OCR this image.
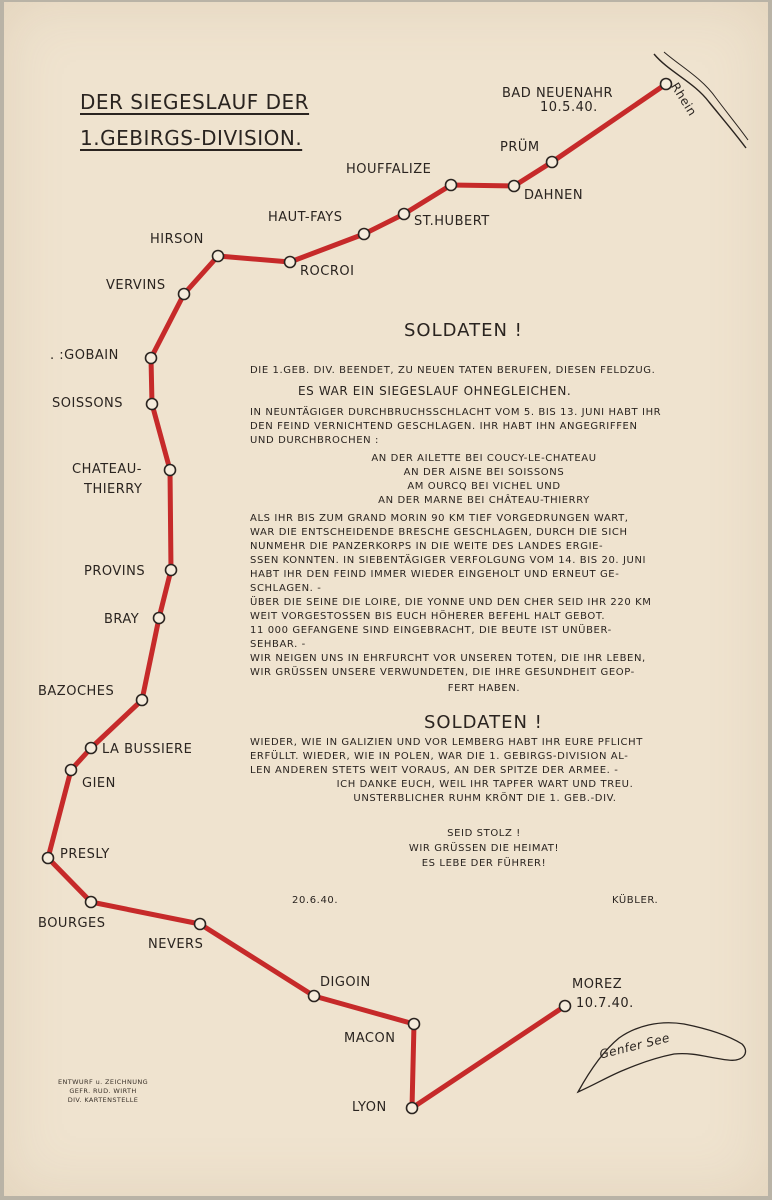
DER SIEGESLAUF DER
1.GEBIRGS-DIVISION.
Rhein
Genfer See
BAD NEUENAHR
10.5.40.
PRÜM
DAHNEN
HOUFFALIZE
ST.HUBERT
HAUT-FAYS
ROCROI
HIRSON
VERVINS
. :GOBAIN
SOISSONS
CHATEAU-
THIERRY
PROVINS
BRAY
BAZOCHES
LA BUSSIERE
GIEN
PRESLY
BOURGES
NEVERS
DIGOIN
MACON
LYON
MOREZ
10.7.40.
SOLDATEN !
DIE 1.GEB. DIV. BEENDET, ZU NEUEN TATEN BERUFEN, DIESEN FELDZUG.
ES WAR EIN SIEGESLAUF OHNEGLEICHEN.
IN NEUNTÄGIGER DURCHBRUCHSSCHLACHT VOM 5. BIS 13. JUNI HABT IHR
DEN FEIND VERNICHTEND GESCHLAGEN. IHR HABT IHN ANGEGRIFFEN
UND DURCHBROCHEN :
AN DER AILETTE BEI COUCY-LE-CHATEAU
AN DER AISNE BEI SOISSONS
AM OURCQ BEI VICHEL UND
AN DER MARNE BEI CHÂTEAU-THIERRY
ALS IHR BIS ZUM GRAND MORIN 90 KM TIEF VORGEDRUNGEN WART,
WAR DIE ENTSCHEIDENDE BRESCHE GESCHLAGEN, DURCH DIE SICH
NUNMEHR DIE PANZERKORPS IN DIE WEITE DES LANDES ERGIE-
SSEN KONNTEN. IN SIEBENTÄGIGER VERFOLGUNG VOM 14. BIS 20. JUNI
HABT IHR DEN FEIND IMMER WIEDER EINGEHOLT UND ERNEUT GE-
SCHLAGEN. -
ÜBER DIE SEINE DIE LOIRE, DIE YONNE UND DEN CHER SEID IHR 220 KM
WEIT VORGESTOSSEN BIS EUCH HÖHERER BEFEHL HALT GEBOT.
11 000 GEFANGENE SIND EINGEBRACHT, DIE BEUTE IST UNÜBER-
SEHBAR. -
WIR NEIGEN UNS IN EHRFURCHT VOR UNSEREN TOTEN, DIE IHR LEBEN,
WIR GRÜSSEN UNSERE VERWUNDETEN, DIE IHRE GESUNDHEIT GEOP-
FERT HABEN.
SOLDATEN !
WIEDER, WIE IN GALIZIEN UND VOR LEMBERG HABT IHR EURE PFLICHT
ERFÜLLT. WIEDER, WIE IN POLEN, WAR DIE 1. GEBIRGS-DIVISION AL-
LEN ANDEREN STETS WEIT VORAUS, AN DER SPITZE DER ARMEE. -
ICH DANKE EUCH, WEIL IHR TAPFER WART UND TREU.
UNSTERBLICHER RUHM KRÖNT DIE 1. GEB.-DIV.
SEID STOLZ !
WIR GRÜSSEN DIE HEIMAT!
ES LEBE DER FÜHRER!
20.6.40.	KÜBLER.
ENTWURF u. ZEICHNUNG
GEFR. RUD. WIRTH
DIV. KARTENSTELLE
